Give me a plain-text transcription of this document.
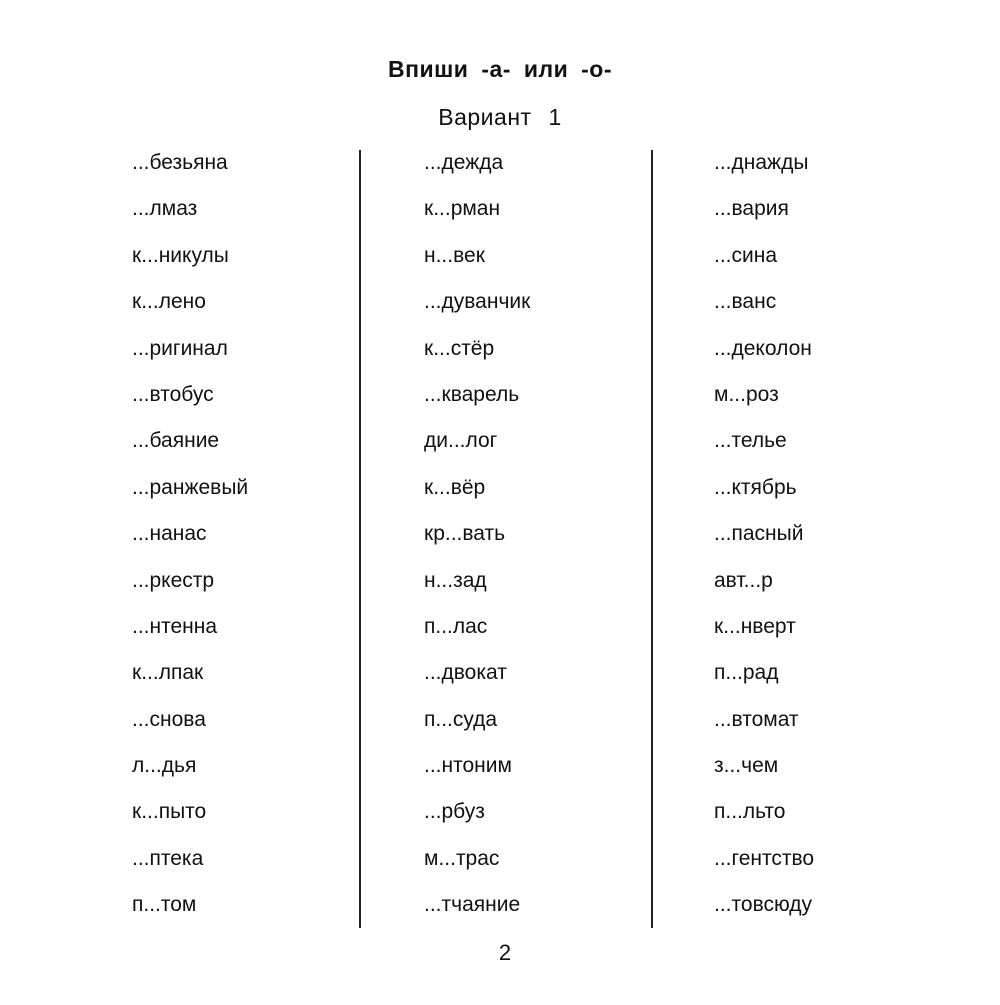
Впиши -а- или -о-
Вариант 1
...безьяна
...лмаз
к...никулы
к...лено
...ригинал
...втобус
...баяние
...ранжевый
...нанас
...ркестр
...нтенна
к...лпак
...снова
л...дья
к...пыто
...птека
п...том
...дежда
к...рман
н...век
...дуванчик
к...стёр
...кварель
ди...лог
к...вёр
кр...вать
н...зад
п...лас
...двокат
п...суда
...нтоним
...рбуз
м...трас
...тчаяние
...днажды
...вария
...сина
...ванс
...деколон
м...роз
...телье
...ктябрь
...пасный
авт...р
к...нверт
п...рад
...втомат
з...чем
п...льто
...гентство
...товсюду
2
